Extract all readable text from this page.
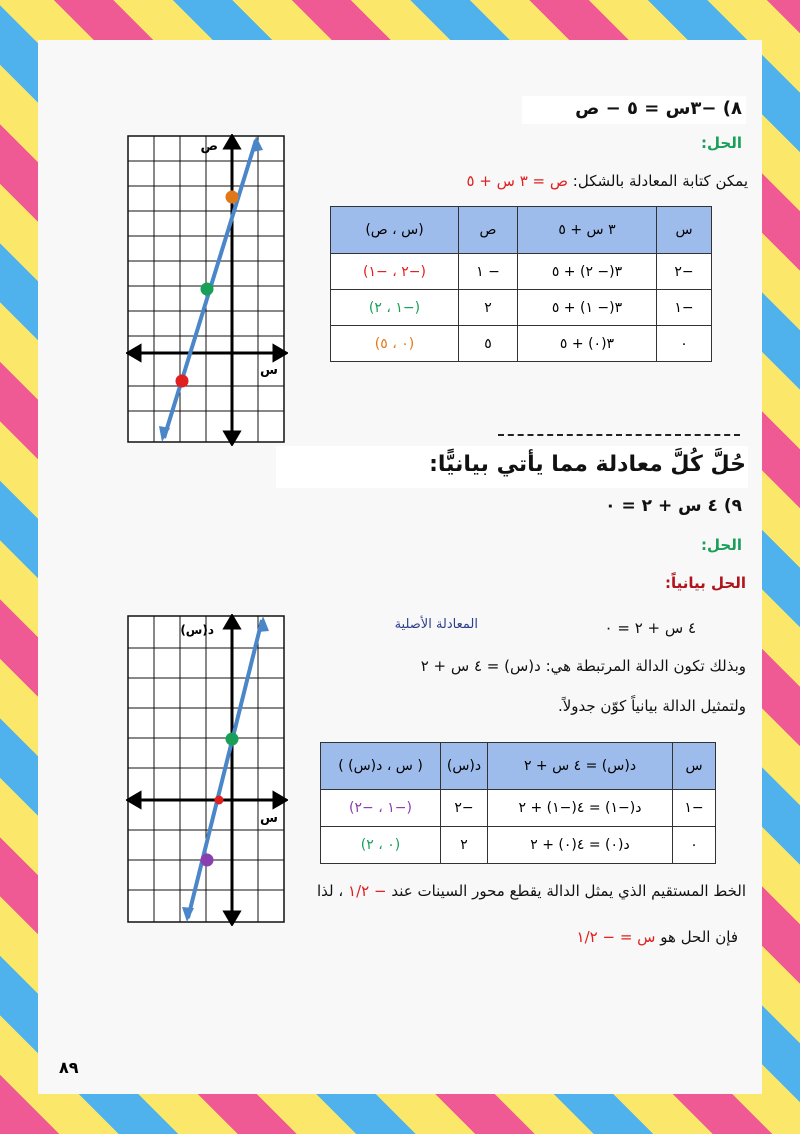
٨) −٣س = ٥ − ص
الحل:
يمكن كتابة المعادلة بالشكل: ص = ٣ س + ٥
س	٣ س + ٥	ص	(س ، ص)
−٢	٣(− ٢) + ٥	− ١	(−٢ ، −١)
−١	٣(− ١) + ٥	٢	(−١ ، ٢)
٠	٣(٠) + ٥	٥	(٠ ، ٥)
ص
س
حُلَّ كُلَّ معادلة مما يأتي بيانيًّا:
٩) ٤ س + ٢ = ٠
الحل:
الحل بيانياً:
٤ س + ٢ = ٠
المعادلة الأصلية
وبذلك تكون الدالة المرتبطة هي: د(س) = ٤ س + ٢
ولتمثيل الدالة بيانياً كوّن جدولاً.
س	د(س) = ٤ س + ٢	د(س)	( س ، د(س) )
−١	د(−١) = ٤(−١) + ٢	−٢	(−١ ، −٢)
٠	د(٠) = ٤(٠) + ٢	٢	(٠ ، ٢)
الخط المستقيم الذي يمثل الدالة يقطع محور السينات عند − ١/٢ ، لذا
فإن الحل هو س = − ١/٢
د(س)
س
٨٩
